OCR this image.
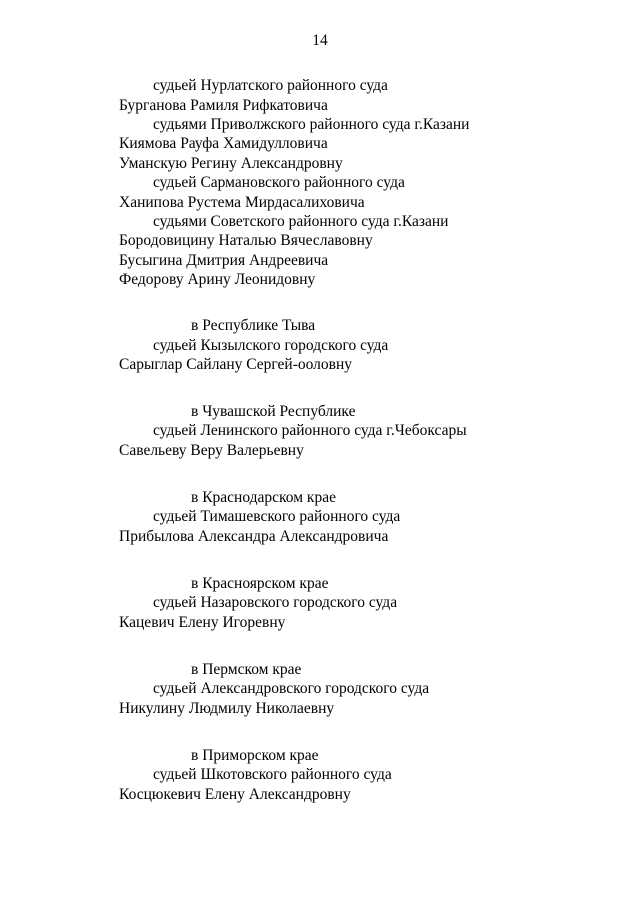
14
судьей Нурлатского районного суда
Бурганова Рамиля Рифкатовича
судьями Приволжского районного суда г.Казани
Киямова Рауфа Хамидулловича
Уманскую Регину Александровну
судьей Сармановского районного суда
Ханипова Рустема Мирдасалиховича
судьями Советского районного суда г.Казани
Бородовицину Наталью Вячеславовну
Бусыгина Дмитрия Андреевича
Федорову Арину Леонидовну
в Республике Тыва
судьей Кызылского городского суда
Сарыглар Сайлану Сергей-ооловну
в Чувашской Республике
судьей Ленинского районного суда г.Чебоксары
Савельеву Веру Валерьевну
в Краснодарском крае
судьей Тимашевского районного суда
Прибылова Александра Александровича
в Красноярском крае
судьей Назаровского городского суда
Кацевич Елену Игоревну
в Пермском крае
судьей Александровского городского суда
Никулину Людмилу Николаевну
в Приморском крае
судьей Шкотовского районного суда
Косцюкевич Елену Александровну
